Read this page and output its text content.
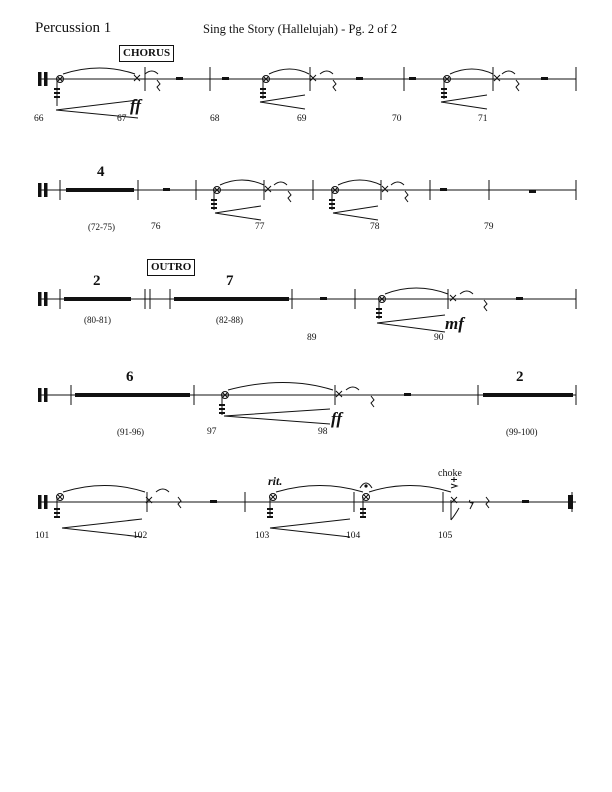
Percussion 1	Sing the Story (Hallelujah) - Pg. 2 of 2
CHORUS
ff
66	67	68	69	70	71
4
(72-75)	76	77	78	79
OUTRO
2	7
(80-81)	(82-88)	mf
89	90
6	2
(91-96)	(99-100)
ff
97	98
rit.
choke
101	102	103	104	105
